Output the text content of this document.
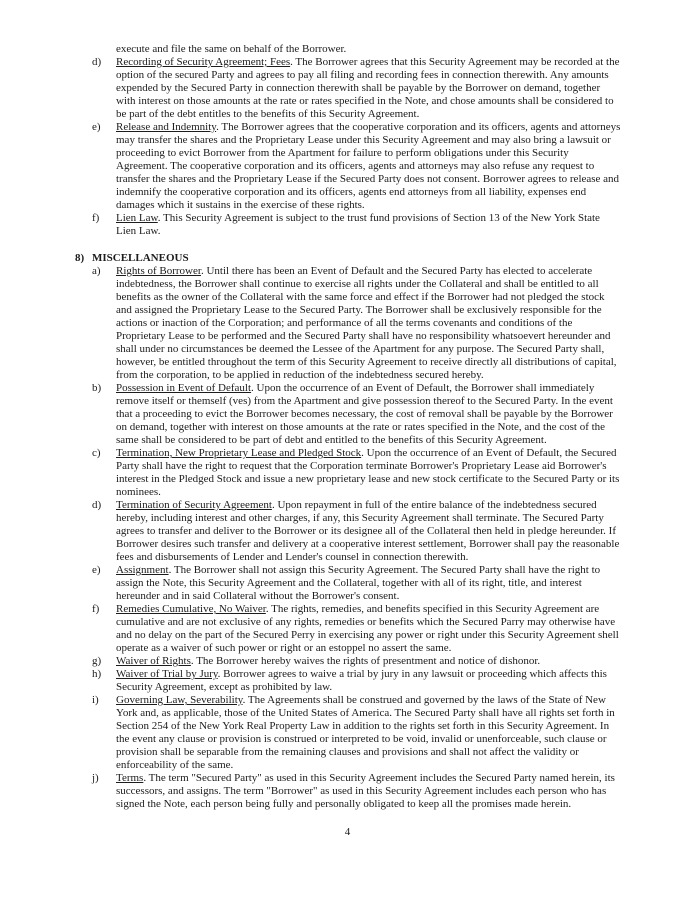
execute and file the same on behalf of the Borrower.
d)	Recording of Security Agreement; Fees. The Borrower agrees that this Security Agreement may be recorded at the option of the secured Party and agrees to pay all filing and recording fees in connection therewith. Any amounts expended by the Secured Party in connection therewith shall be payable by the Borrower on demand, together with interest on those amounts at the rate or rates specified in the Note, and chose amounts shall be considered to be part of the debt entitles to the benefits of this Security Agreement.
e)	Release and Indemnity. The Borrower agrees that the cooperative corporation and its officers, agents and attorneys may transfer the shares and the Proprietary Lease under this Security Agreement and may also bring a lawsuit or proceeding to evict Borrower from the Apartment for failure to perform obligations under this Security Agreement. The cooperative corporation and its officers, agents and attorneys may also refuse any request to transfer the shares and the Proprietary Lease if the Secured Party does not consent. Borrower agrees to release and indemnify the cooperative corporation and its officers, agents end attorneys from all liability, expenses end damages which it sustains in the exercise of these rights.
f)	Lien Law. This Security Agreement is subject to the trust fund provisions of Section 13 of the New York State Lien Law.
8) MISCELLANEOUS
a)	Rights of Borrower. Until there has been an Event of Default and the Secured Party has elected to accelerate indebtedness, the Borrower shall continue to exercise all rights under the Collateral and shall be entitled to all benefits as the owner of the Collateral with the same force and effect if the Borrower had not pledged the stock and assigned the Proprietary Lease to the Secured Party. The Borrower shall be exclusively responsible for the actions or inaction of the Corporation; and performance of all the terms covenants and conditions of the Proprietary Lease to be performed and the Secured Party shall have no responsibility whatsoevert hereunder and shall under no circumstances be deemed the Lessee of the Apartment for any purpose. The Secured Party shall, however, be entitled throughout the term of this Security Agreement to receive directly all distributions of capital, from the corporation, to be applied in reduction of the indebtedness secured hereby.
b)	Possession in Event of Default. Upon the occurrence of an Event of Default, the Borrower shall immediately remove itself or themself (ves) from the Apartment and give possession thereof to the Secured Party. In the event that a proceeding to evict the Borrower becomes necessary, the cost of removal shall be payable by the Borrower on demand, together with interest on those amounts at the rate or rates specified in the Note, and the cost of the same shall be considered to be part of debt and entitled to the benefits of this Security Agreement.
c)	Termination, New Proprietary Lease and Pledged Stock. Upon the occurrence of an Event of Default, the Secured Party shall have the right to request that the Corporation terminate Borrower's Proprietary Lease aid Borrower's interest in the Pledged Stock and issue a new proprietary lease and new stock certificate to the Secured Party or its nominees.
d)	Termination of Security Agreement. Upon repayment in full of the entire balance of the indebtedness secured hereby, including interest and other charges, if any, this Security Agreement shall terminate. The Secured Party agrees to transfer and deliver to the Borrower or its designee all of the Collateral then held in pledge hereunder. If Borrower desires such transfer and delivery at a cooperative interest settlement, Borrower shall pay the reasonable fees and disbursements of Lender and Lender's counsel in connection therewith.
e)	Assignment. The Borrower shall not assign this Security Agreement. The Secured Party shall have the right to assign the Note, this Security Agreement and the Collateral, together with all of its right, title, and interest hereunder and in said Collateral without the Borrower's consent.
f)	Remedies Cumulative, No Waiver. The rights, remedies, and benefits specified in this Security Agreement are cumulative and are not exclusive of any rights, remedies or benefits which the Secured Parry may otherwise have and no delay on the part of the Secured Perry in exercising any power or right under this Security Agreement shell operate as a waiver of such power or right or an estoppel no assert the same.
g)	Waiver of Rights. The Borrower hereby waives the rights of presentment and notice of dishonor.
h)	Waiver of Trial by Jury. Borrower agrees to waive a trial by jury in any lawsuit or proceeding which affects this Security Agreement, except as prohibited by law.
i)	Governing Law, Severability. The Agreements shall be construed and governed by the laws of the State of New York and, as applicable, those of the United States of America. The Secured Party shall have all rights set forth in Section 254 of the New York Real Property Law in addition to the rights set forth in this Security Agreement. In the event any clause or provision is construed or interpreted to be void, invalid or unenforceable, such clause or provision shall be separable from the remaining clauses and provisions and shall not affect the validity or enforceability of the same.
j)	Terms. The term "Secured Party" as used in this Security Agreement includes the Secured Party named herein, its successors, and assigns. The term "Borrower" as used in this Security Agreement includes each person who has signed the Note, each person being fully and personally obligated to keep all the promises made herein.
4
